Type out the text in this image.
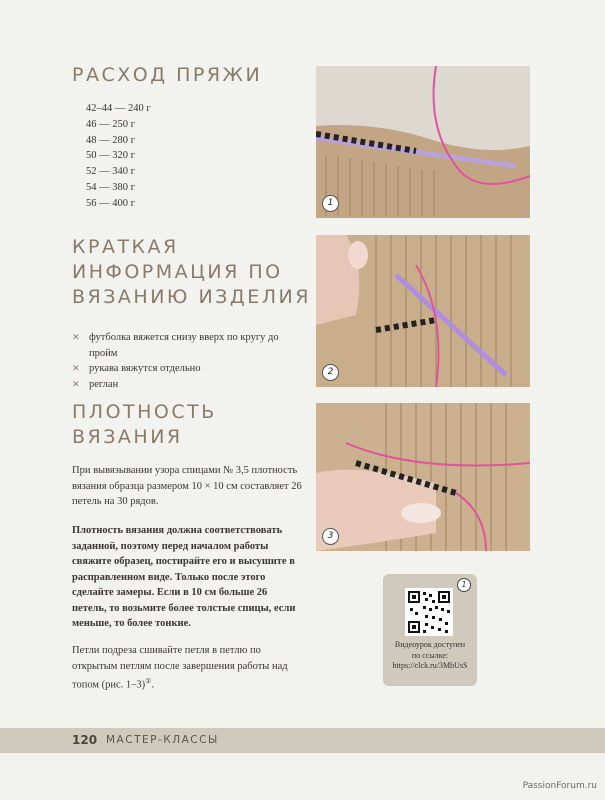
РАСХОД ПРЯЖИ
42–44 — 240 г
46 — 250 г
48 — 280 г
50 — 320 г
52 — 340 г
54 — 380 г
56 — 400 г
КРАТКАЯ
ИНФОРМАЦИЯ ПО
ВЯЗАНИЮ ИЗДЕЛИЯ
✕ футболка вяжется снизу вверх по кругу до пройм
✕ рукава вяжутся отдельно
✕ реглан
ПЛОТНОСТЬ
ВЯЗАНИЯ

При вывязывании узора спицами № 3,5 плотность вязания образца размером 10 × 10 см составляет 26 петель на 30 рядов.

Плотность вязания должна соответствовать заданной, поэтому перед началом работы свяжите образец, постирайте его и высушите в расправленном виде. Только после этого сделайте замеры. Если в 10 см больше 26 петель, то возьмите более толстые спицы, если меньше, то более тонкие.

Петли подреза сшивайте петля в петлю по открытым петлям после завершения работы над топом (рис. 1–3)①.

1
2
3
1
Видеоурок доступен
по ссылке:
https://clck.ru/3MbUsS
120 МАСТЕР-КЛАССЫ
PassionForum.ru
